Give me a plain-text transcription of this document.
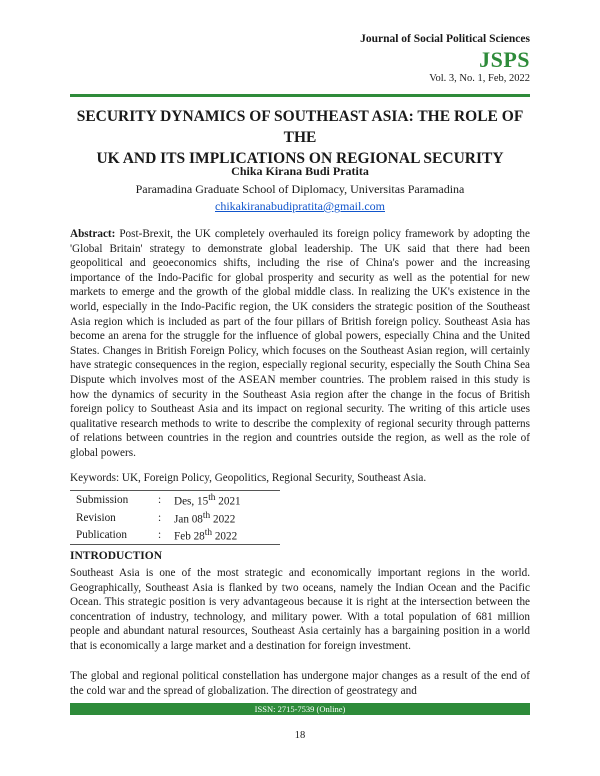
Journal of Social Political Sciences
JSPS
Vol. 3, No. 1, Feb, 2022
SECURITY DYNAMICS OF SOUTHEAST ASIA: THE ROLE OF THE
UK AND ITS IMPLICATIONS ON REGIONAL SECURITY
Chika Kirana Budi Pratita
Paramadina Graduate School of Diplomacy, Universitas Paramadina
chikakiranabudipratita@gmail.com

Abstract: Post-Brexit, the UK completely overhauled its foreign policy framework by adopting the 'Global Britain' strategy to demonstrate global leadership. The UK said that there had been geopolitical and geoeconomics shifts, including the rise of China's power and the increasing importance of the Indo-Pacific for global prosperity and security as well as the potential for new markets to emerge and the growth of the global middle class. In realizing the UK's existence in the world, especially in the Indo-Pacific region, the UK considers the strategic position of the Southeast Asia region which is included as part of the four pillars of British foreign policy. Southeast Asia has become an arena for the struggle for the influence of global powers, especially China and the United States. Changes in British Foreign Policy, which focuses on the Southeast Asian region, will certainly have strategic consequences in the region, especially regional security, especially the South China Sea Dispute which involves most of the ASEAN member countries. The problem raised in this study is how the dynamics of security in the Southeast Asia region after the change in the focus of British foreign policy to Southeast Asia and its impact on regional security. The writing of this article uses qualitative research methods to write to describe the complexity of regional security through patterns of relations between countries in the region and countries outside the region, as well as the role of global powers.

Keywords: UK, Foreign Policy, Geopolitics, Regional Security, Southeast Asia.
Submission	:	Des, 15th 2021
Revision	:	Jan 08th 2022
Publication	:	Feb 28th 2022
INTRODUCTION

Southeast Asia is one of the most strategic and economically important regions in the world. Geographically, Southeast Asia is flanked by two oceans, namely the Indian Ocean and the Pacific Ocean. This strategic position is very advantageous because it is right at the intersection between the concentration of industry, technology, and military power. With a total population of 681 million people and abundant natural resources, Southeast Asia certainly has a bargaining position in a world that is economically a large market and a destination for foreign investment.

The global and regional political constellation has undergone major changes as a result of the end of the cold war and the spread of globalization. The direction of geostrategy and

ISSN: 2715-7539 (Online)
18
